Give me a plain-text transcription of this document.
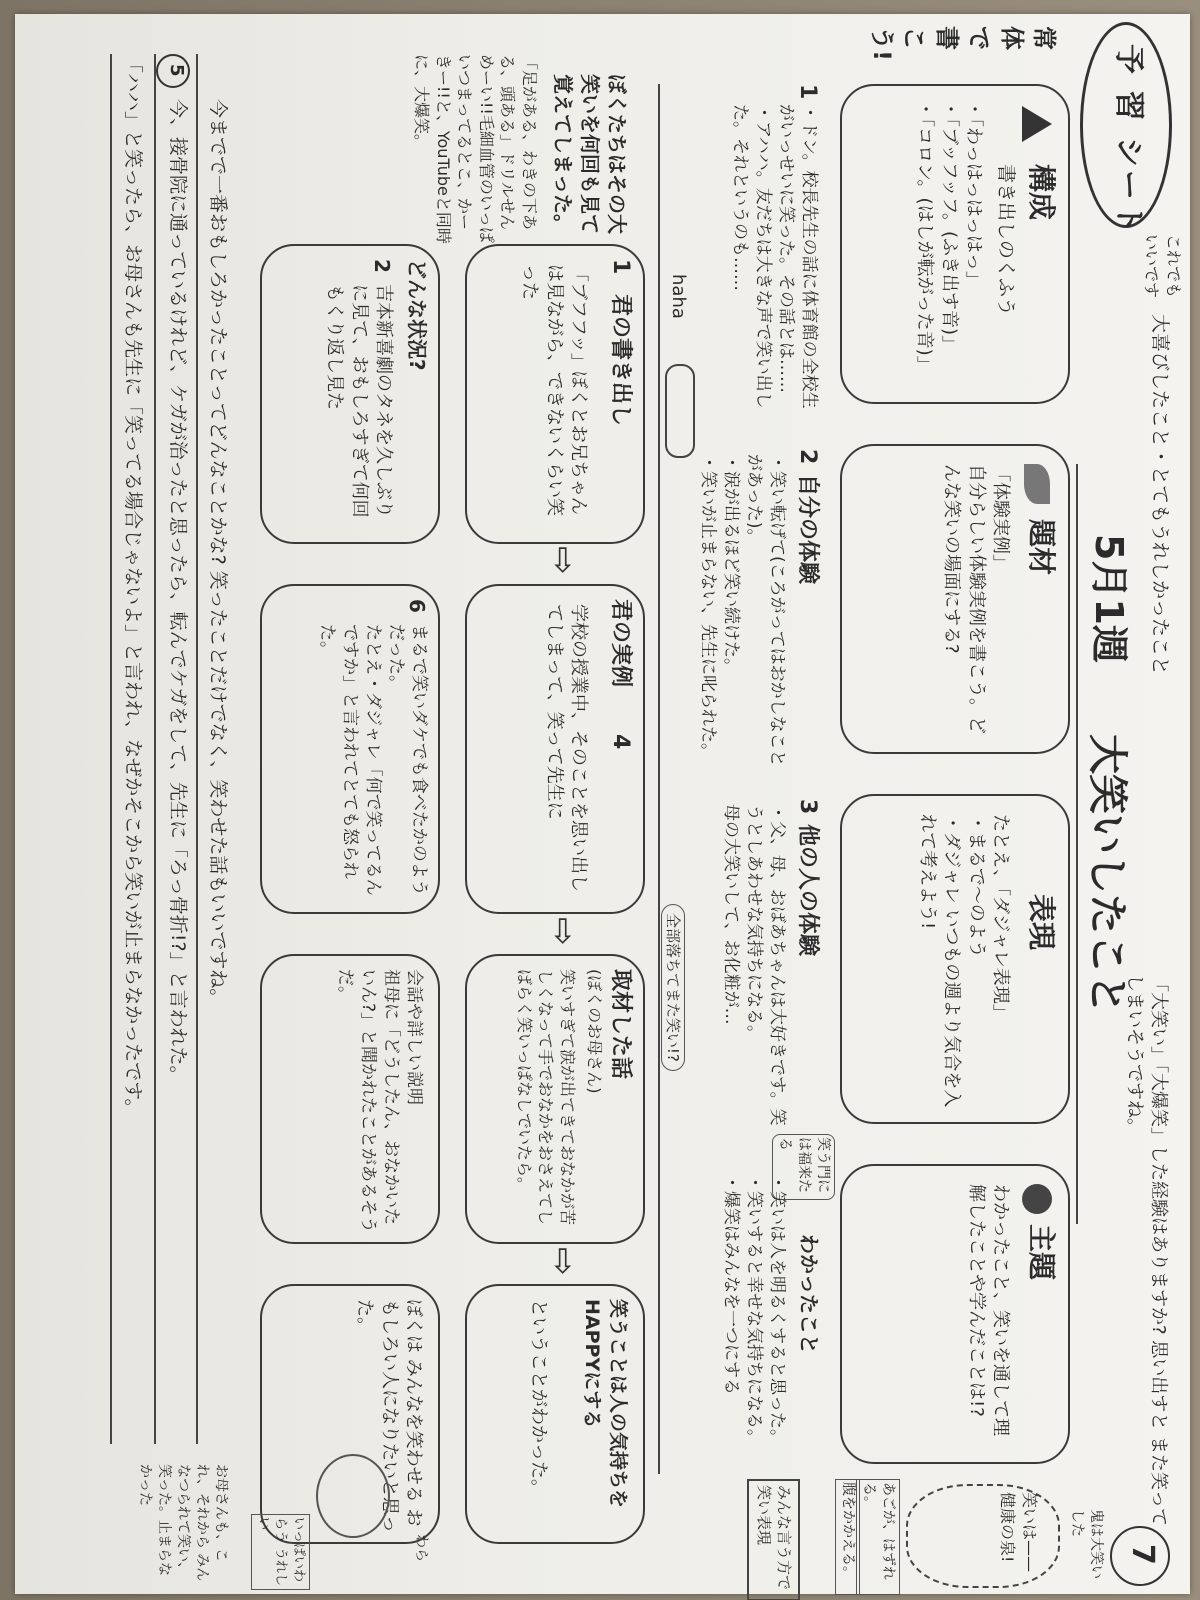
予 習 シート
これでも いいです
大喜びしたこと・とてもうれしかったこと
5月1週
大笑いしたこと
「大笑い」「大爆笑」した経験はありますか? 思い出すと また笑ってしまいそうですね。
7
常体で書こう!
構成
書き出しのくふう
・「わっはっはっはっ」
・「ブッフッフ。(ふき出す音)」
・「コロン。(はしが転がった音)」
題材
「体験実例」
自分らしい体験実例を書こう。どんな笑いの場面にする?
表現
たとえ、「ダジャレ表現」
・まるで〜のよう
・ダジャレ いつもの週より気合を入れて考えよう!
主題
わかったこと、笑いを通して理解したことや学んだことは!?
笑いは——健康の泉!
あごが、はずれる。
腹をかかえる。	鬼は大笑いした
1
・ドン。校長先生の話に体育館の全校生がいっせいに笑った。その話とは……
・アハハ。友だちは大きな声で笑い出した。それというのも……
haha
2
自分の体験
・笑い転げて(ころがってはおかしなことがあった)。
・涙が出るほど笑い続けた。
・笑いが止まらない、先生に叱られた。
3
他の人の体験
・父、母、おばあちゃんは大好きです。笑うとしあわせな気持ちになる。
母の大笑いして、お化粧が…
全部落ちてまた笑い!?
笑う門には福来たる
わかったこと
・笑いは人を明るくすると思った。
・笑いすると幸せな気持ちになる。
・爆笑はみんなを一つにする
みんな言う方で笑い表現
ぼくたちはその大笑いを何回も見て覚えてしまった。
「足がある、わきの下ある、頭ある」ドリルせんめーい!!毛細血管のいっぱいつまってるとこ、かーきー!!と、YouTubeと同時に、大爆笑。
1
君の書き出し
「ブフフッ」ぼくとお兄ちゃんは見ながら、できないくらい笑った
⇨
君の実例
4
学校の授業中、そのことを思い出してしまって、笑って先生に
⇨
取材した話
(ぼくのお母さん)
笑いすぎて涙が出てきておなかが苦しくなって手でおなかをおさえてしばらく笑いっぱなしでいたら。
⇨
笑うことは人の気持ちをHAPPYにする
ということがわかった。
どんな状況?
2
吉本新喜劇のタネを久しぶりに見て、おもしろすぎて何回もくり返し見た
6
まるで笑いダケでも食べたかのようだった。
たとえ・ダジャレ「何で笑ってるん ですか」と言われてとても怒られた。
会話や詳しい説明
祖母に「どうしたん、おなかいたいん?」と聞かれたことがあるそうだ。
ぼくは みんなを笑わせる おもしろい人になりたいと思った。
いっぱいわらう うれしい
わら
5
今までで一番おもしろかったことってどんなことかな? 笑ったことだけでなく、笑わせた話もいいですね。
今、接骨院に通っているけれど、ケガが治ったと思ったら、転んでケガをして、先生に「ろっ骨折!?」と言われた。
「ハハ」と笑ったら、お母さんも先生に「笑ってる場合じゃないよ」と言われ、なぜかそこから笑いが止まらなかったです。
お母さんも、これ、それから みんなつられて笑い、笑った。止まらなかった
